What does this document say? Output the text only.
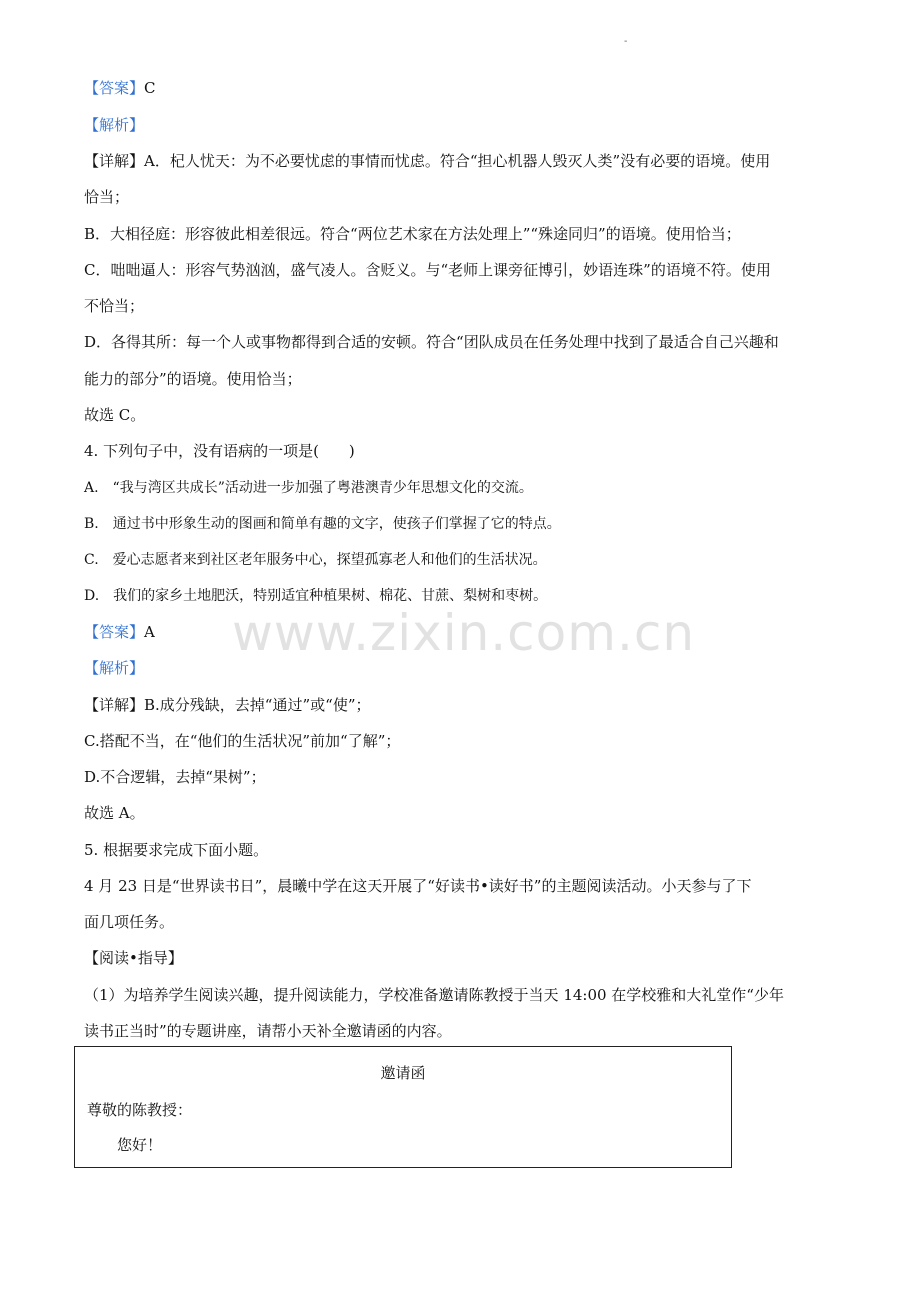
-
【答案】C
【解析】
【详解】A．杞人忧天：为不必要忧虑的事情而忧虑。符合“担心机器人毁灭人类”没有必要的语境。使用
恰当；
B．大相径庭：形容彼此相差很远。符合“两位艺术家在方法处理上”“殊途同归”的语境。使用恰当；
C．咄咄逼人：形容气势汹汹，盛气凌人。含贬义。与“老师上课旁征博引，妙语连珠”的语境不符。使用
不恰当；
D．各得其所：每一个人或事物都得到合适的安顿。符合“团队成员在任务处理中找到了最适合自己兴趣和
能力的部分”的语境。使用恰当；
故选 C。
4. 下列句子中，没有语病的一项是(　　)
A.　“我与湾区共成长”活动进一步加强了粤港澳青少年思想文化的交流。
B.　通过书中形象生动的图画和简单有趣的文字，使孩子们掌握了它的特点。
C.　爱心志愿者来到社区老年服务中心，探望孤寡老人和他们的生活状况。
D.　我们的家乡土地肥沃，特别适宜种植果树、棉花、甘蔗、梨树和枣树。
【答案】A
【解析】
【详解】B.成分残缺，去掉“通过”或“使”；
C.搭配不当，在“他们的生活状况”前加“了解”；
D.不合逻辑，去掉“果树”；
故选 A。
5. 根据要求完成下面小题。
4 月 23 日是“世界读书日”，晨曦中学在这天开展了“好读书•读好书”的主题阅读活动。小天参与了下
面几项任务。
【阅读•指导】
（1）为培养学生阅读兴趣，提升阅读能力，学校准备邀请陈教授于当天 14:00 在学校雅和大礼堂作“少年
读书正当时”的专题讲座，请帮小天补全邀请函的内容。
邀请函
尊敬的陈教授：
您好！
www.zixin.com.cn
